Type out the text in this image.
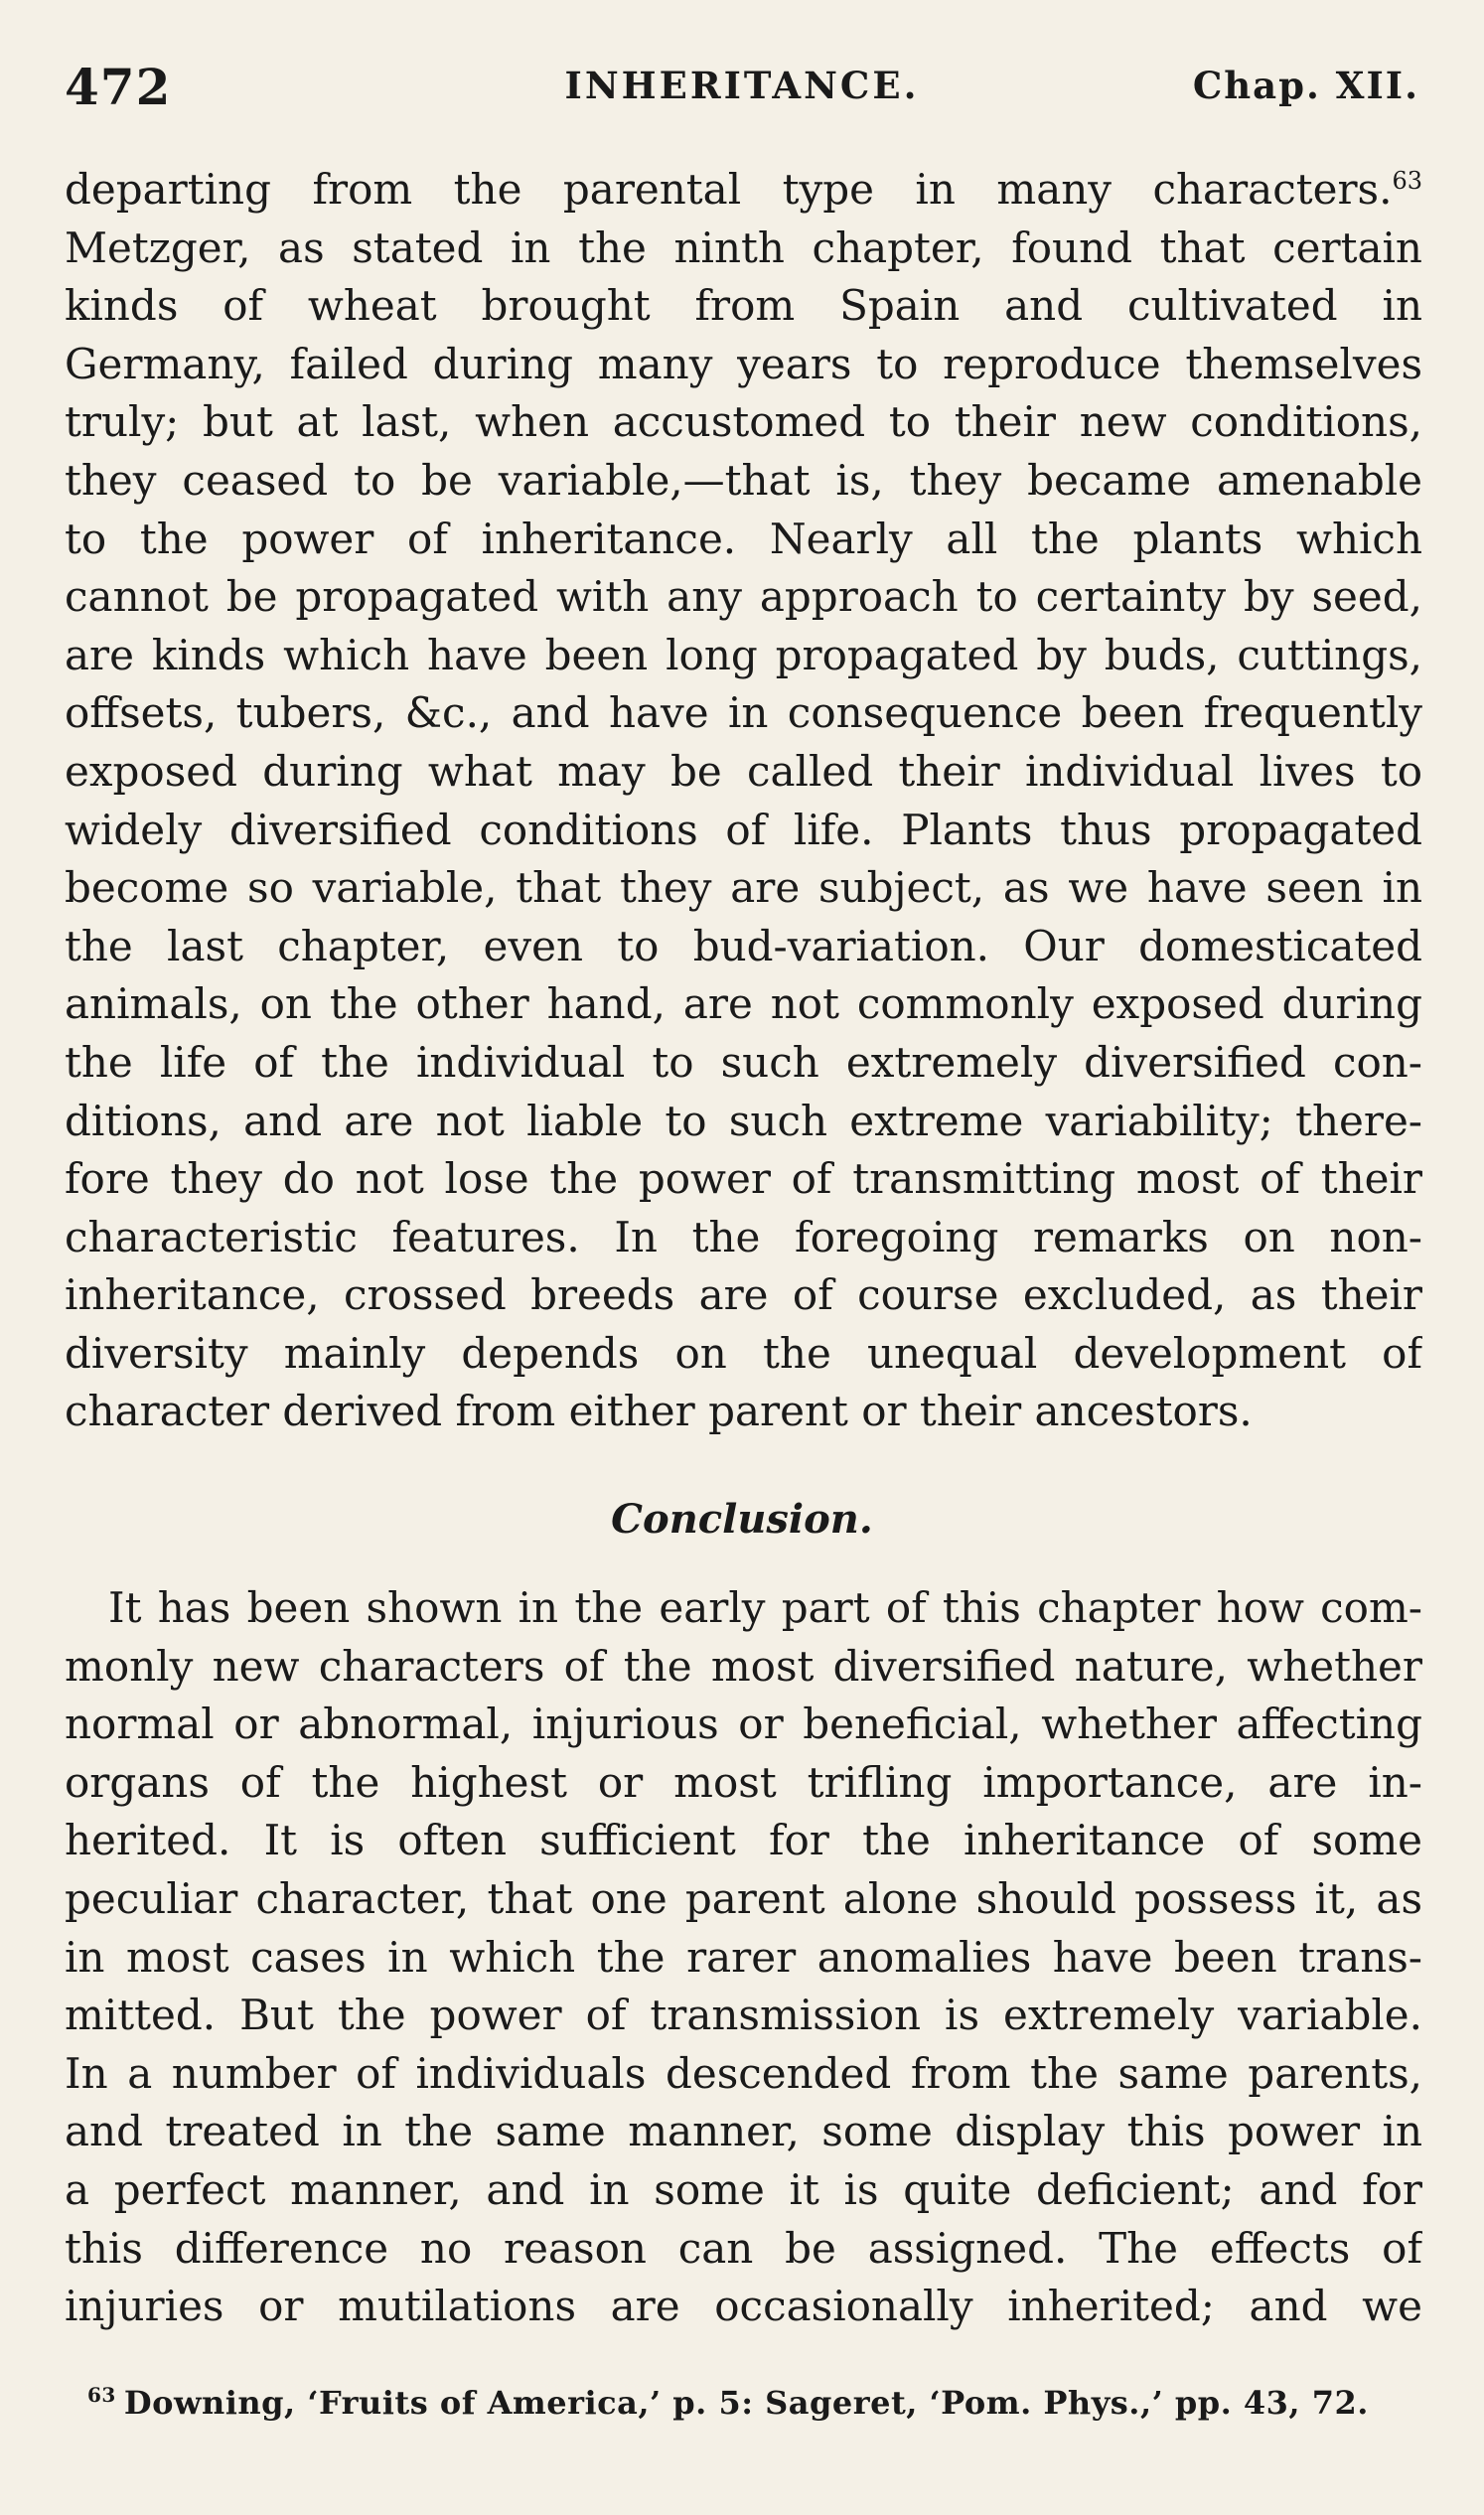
472	INHERITANCE.	Chap. XII.
departing from the parental type in many characters.$^{63}$
Metzger, as stated in the ninth chapter, found that certain
kinds of wheat brought from Spain and cultivated in
Germany, failed during many years to reproduce themselves
truly; but at last, when accustomed to their new conditions,
they ceased to be variable,—that is, they became amenable
to the power of inheritance. Nearly all the plants which
cannot be propagated with any approach to certainty by seed,
are kinds which have been long propagated by buds, cuttings,
offsets, tubers, &c., and have in consequence been frequently
exposed during what may be called their individual lives to
widely diversified conditions of life. Plants thus propagated
become so variable, that they are subject, as we have seen in
the last chapter, even to bud-variation. Our domesticated
animals, on the other hand, are not commonly exposed during
the life of the individual to such extremely diversified con-
ditions, and are not liable to such extreme variability; there-
fore they do not lose the power of transmitting most of their
characteristic features. In the foregoing remarks on non-
inheritance, crossed breeds are of course excluded, as their
diversity mainly depends on the unequal development of
character derived from either parent or their ancestors.
Conclusion.
It has been shown in the early part of this chapter how com-
monly new characters of the most diversified nature, whether
normal or abnormal, injurious or beneficial, whether affecting
organs of the highest or most trifling importance, are in-
herited. It is often sufficient for the inheritance of some
peculiar character, that one parent alone should possess it, as
in most cases in which the rarer anomalies have been trans-
mitted. But the power of transmission is extremely variable.
In a number of individuals descended from the same parents,
and treated in the same manner, some display this power in
a perfect manner, and in some it is quite deficient; and for
this difference no reason can be assigned. The effects of
injuries or mutilations are occasionally inherited; and we
$^{63}$ Downing, ‘Fruits of America,’ p. 5: Sageret, ‘Pom. Phys.,’ pp. 43, 72.
